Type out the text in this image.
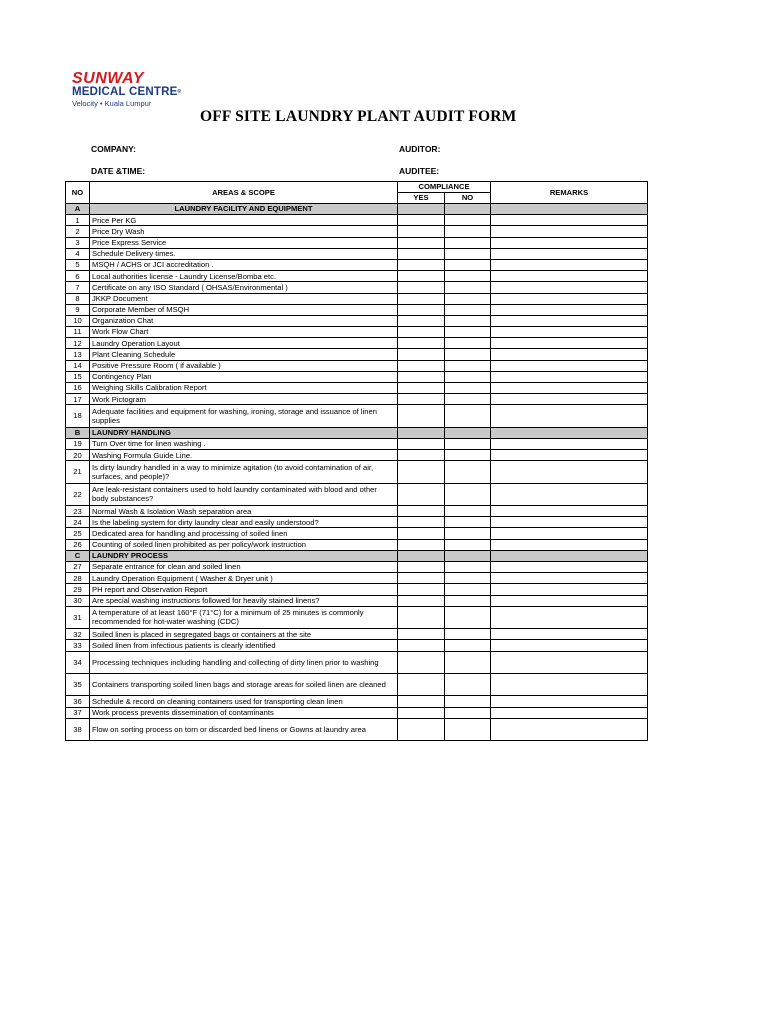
SUNWAY
MEDICAL CENTRE®
Velocity • Kuala Lumpur
OFF SITE LAUNDRY PLANT AUDIT FORM
COMPANY:
DATE &TIME:
AUDITOR:
AUDITEE:
NO	AREAS & SCOPE	COMPLIANCE		REMARKS
		YES	NO	
A	LAUNDRY FACILITY AND EQUIPMENT			
1	Price Per KG			
2	Price Dry Wash			
3	Price Express Service			
4	Schedule Delivery times.			
5	MSQH / ACHS or JCI accreditation .			
6	Local authorities license - Laundry License/Bomba etc.			
7	Certificate on any ISO Standard ( OHSAS/Environmental )			
8	JKKP Document			
9	Corporate Member of MSQH			
10	Organization Chat			
11	Work Flow Chart			
12	Laundry Operation Layout			
13	Plant Cleaning Schedule			
14	Positive Pressure Room ( if available )			
15	Contingency Plan			
16	Weighing Skills Calibration Report			
17	Work Pictogram			
18	Adequate facilities and equipment for washing, ironing, storage and issuance of linen supplies			
B	LAUNDRY HANDLING			
19	Turn Over time for linen washing .			
20	Washing Formula Guide Line.			
21	Is dirty laundry handled in a way to minimize agitation (to avoid contamination of air, surfaces, and people)?			
22	Are leak-resistant containers used to hold laundry contaminated with blood and other body substances?			
23	Normal Wash & Isolation Wash separation area			
24	Is the labeling system for dirty laundry clear and easily understood?			
25	Dedicated area for handling and processing of soiled linen			
26	Counting of soiled linen prohibited as per policy/work instruction			
C	LAUNDRY PROCESS			
27	Separate entrance for clean and soiled linen			
28	Laundry Operation Equipment ( Washer & Dryer unit )			
29	PH report and Observation Report			
30	Are special washing instructions followed for heavily stained linens?			
31	A temperature of at least 160°F (71°C) for a minimum of 25 minutes is commonly recommended for hot-water washing (CDC)			
32	Soiled linen is placed in segregated bags or containers at the site			
33	Soiled linen from infectious patients is clearly identified			
34	Processing techniques including handling and collecting of dirty linen prior to washing			
35	Containers transporting soiled linen bags and storage areas for soiled linen are cleaned			
36	Schedule & record on cleaning containers used for transporting clean linen			
37	Work process prevents dissemination of contaminants			
38	Flow on sorting process on torn or discarded bed linens or Gowns at laundry area			
